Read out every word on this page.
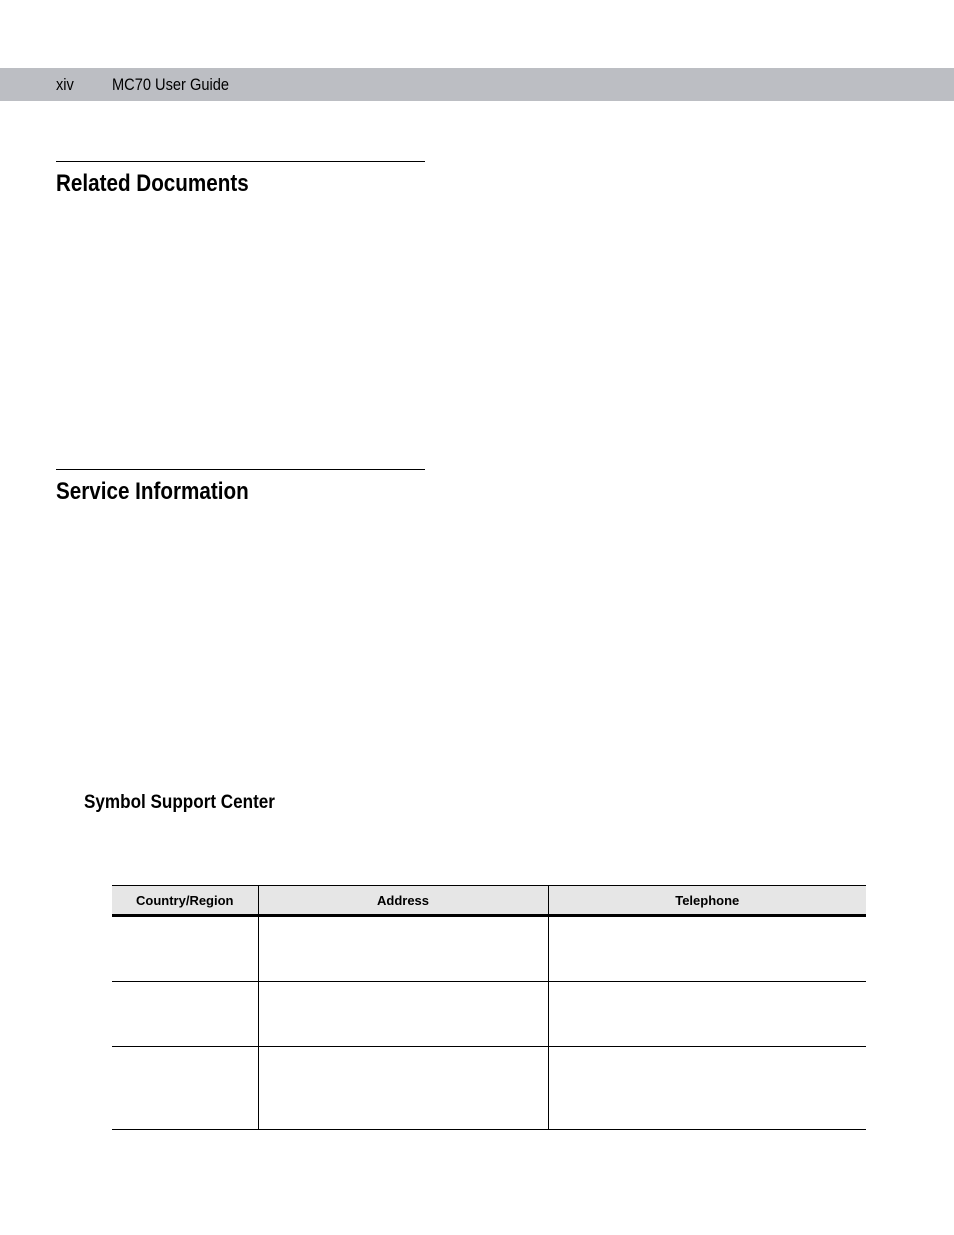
xiv MC70 User Guide
Related Documents
Service Information
Symbol Support Center
Country/Region	Address	Telephone
